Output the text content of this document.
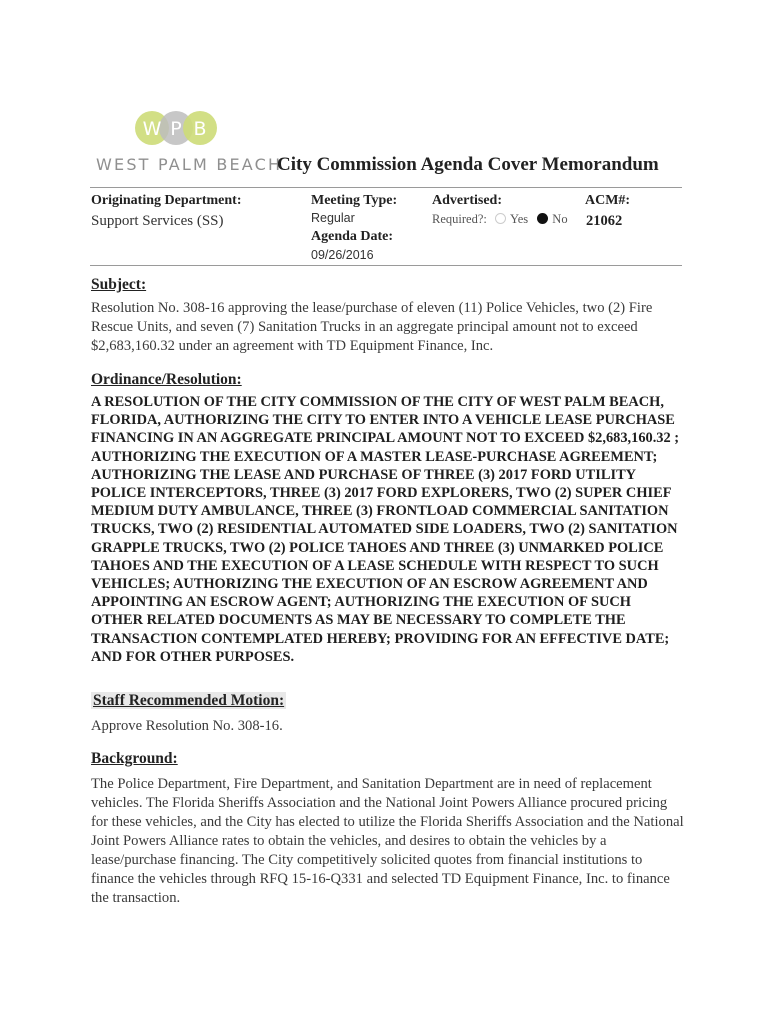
W P B
WEST PALM BEACH
City Commission Agenda Cover Memorandum
Originating Department:
Support Services (SS)
Meeting Type:
Regular
Agenda Date:
09/26/2016
Advertised:
Required?: Yes No
ACM#:
21062
Subject:
Resolution No. 308-16 approving the lease/purchase of eleven (11) Police Vehicles, two (2) Fire Rescue Units, and seven (7) Sanitation Trucks in an aggregate principal amount not to exceed $2,683,160.32 under an agreement with TD Equipment Finance, Inc.
Ordinance/Resolution:
A RESOLUTION OF THE CITY COMMISSION OF THE CITY OF WEST PALM BEACH, FLORIDA, AUTHORIZING THE CITY TO ENTER INTO A VEHICLE LEASE PURCHASE FINANCING IN AN AGGREGATE PRINCIPAL AMOUNT NOT TO EXCEED $2,683,160.32 ; AUTHORIZING THE EXECUTION OF A MASTER LEASE-PURCHASE AGREEMENT; AUTHORIZING THE LEASE AND PURCHASE OF THREE (3) 2017 FORD UTILITY POLICE INTERCEPTORS, THREE (3) 2017 FORD EXPLORERS, TWO (2) SUPER CHIEF MEDIUM DUTY AMBULANCE, THREE (3) FRONTLOAD COMMERCIAL SANITATION TRUCKS, TWO (2) RESIDENTIAL AUTOMATED SIDE LOADERS, TWO (2) SANITATION GRAPPLE TRUCKS, TWO (2) POLICE TAHOES AND THREE (3) UNMARKED POLICE TAHOES AND THE EXECUTION OF A LEASE SCHEDULE WITH RESPECT TO SUCH VEHICLES; AUTHORIZING THE EXECUTION OF AN ESCROW AGREEMENT AND APPOINTING AN ESCROW AGENT; AUTHORIZING THE EXECUTION OF SUCH OTHER RELATED DOCUMENTS AS MAY BE NECESSARY TO COMPLETE THE TRANSACTION CONTEMPLATED HEREBY; PROVIDING FOR AN EFFECTIVE DATE; AND FOR OTHER PURPOSES.
Staff Recommended Motion:
Approve Resolution No. 308-16.
Background:
The Police Department, Fire Department, and Sanitation Department are in need of replacement vehicles. The Florida Sheriffs Association and the National Joint Powers Alliance procured pricing for these vehicles, and the City has elected to utilize the Florida Sheriffs Association and the National Joint Powers Alliance rates to obtain the vehicles, and desires to obtain the vehicles by a lease/purchase financing. The City competitively solicited quotes from financial institutions to finance the vehicles through RFQ 15-16-Q331 and selected TD Equipment Finance, Inc. to finance the transaction.
